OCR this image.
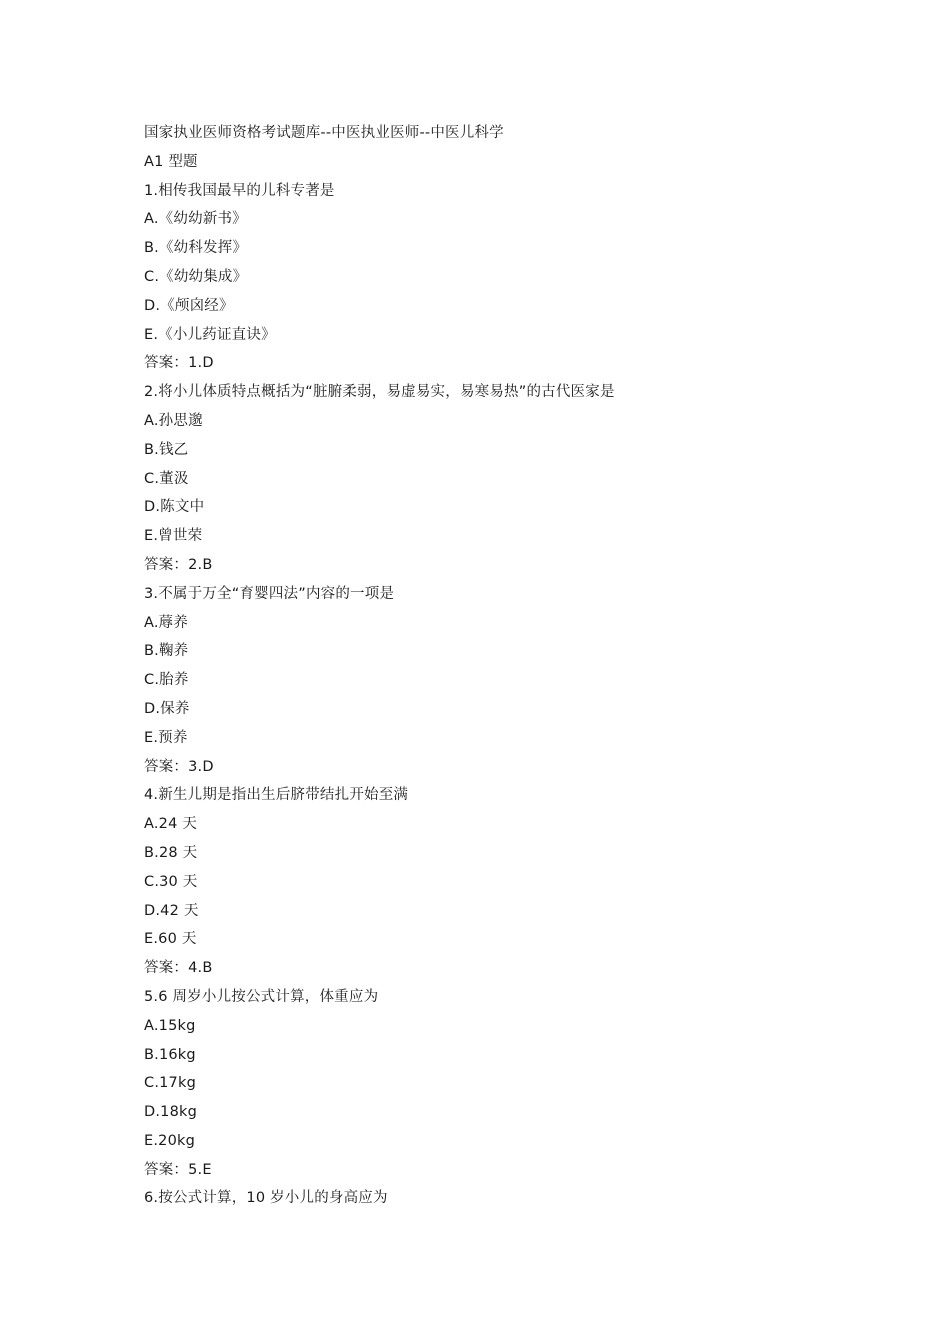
国家执业医师资格考试题库--中医执业医师--中医儿科学
A1 型题
1.相传我国最早的儿科专著是
A.《幼幼新书》
B.《幼科发挥》
C.《幼幼集成》
D.《颅囟经》
E.《小儿药证直诀》
答案：1.D
2.将小儿体质特点概括为“脏腑柔弱，易虚易实，易寒易热”的古代医家是
A.孙思邈
B.钱乙
C.董汲
D.陈文中
E.曾世荣
答案：2.B
3.不属于万全“育婴四法”内容的一项是
A.蓐养
B.鞠养
C.胎养
D.保养
E.预养
答案：3.D
4.新生儿期是指出生后脐带结扎开始至满
A.24 天
B.28 天
C.30 天
D.42 天
E.60 天
答案：4.B
5.6 周岁小儿按公式计算，体重应为
A.15kg
B.16kg
C.17kg
D.18kg
E.20kg
答案：5.E
6.按公式计算，10 岁小儿的身高应为
